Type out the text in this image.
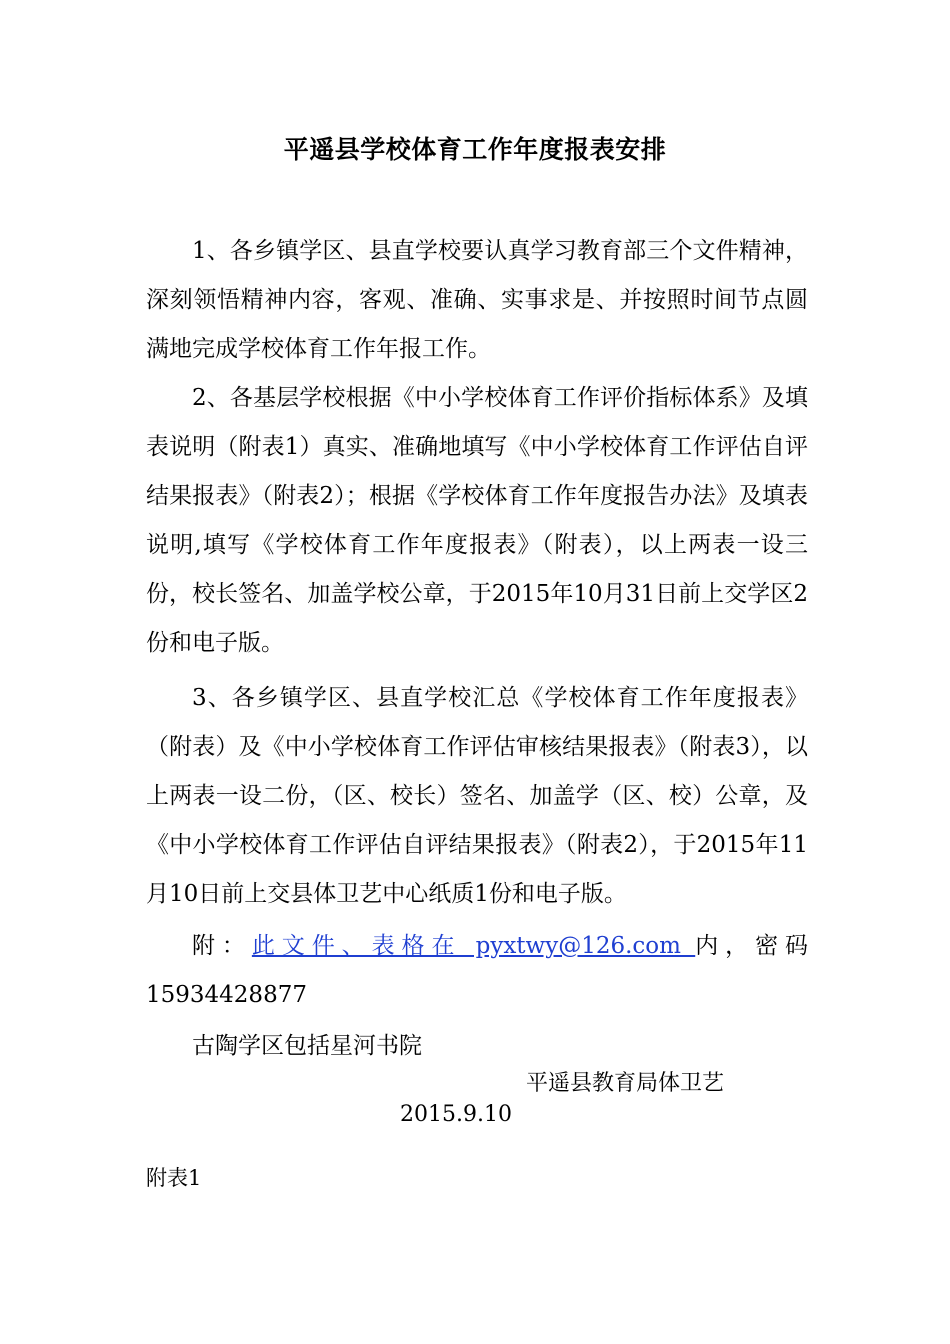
平遥县学校体育工作年度报表安排

1、各乡镇学区、县直学校要认真学习教育部三个文件精神，深刻领悟精神内容，客观、准确、实事求是、并按照时间节点圆满地完成学校体育工作年报工作。

2、各基层学校根据《中小学校体育工作评价指标体系》及填表说明（附表1）真实、准确地填写《中小学校体育工作评估自评结果报表》（附表2）；根据《学校体育工作年度报告办法》及填表说明,填写《学校体育工作年度报表》（附表），以上两表一设三份，校长签名、加盖学校公章，于2015年10月31日前上交学区2份和电子版。

3、各乡镇学区、县直学校汇总《学校体育工作年度报表》（附表）及《中小学校体育工作评估审核结果报表》（附表3），以上两表一设二份，（区、校长）签名、加盖学（区、校）公章，及《中小学校体育工作评估自评结果报表》（附表2），于2015年11月10日前上交县体卫艺中心纸质1份和电子版。

附：此文件、表格在 pyxtwy@126.com 内，密码15934428877

古陶学区包括星河书院
平遥县教育局体卫艺
2015.9.10
附表1
